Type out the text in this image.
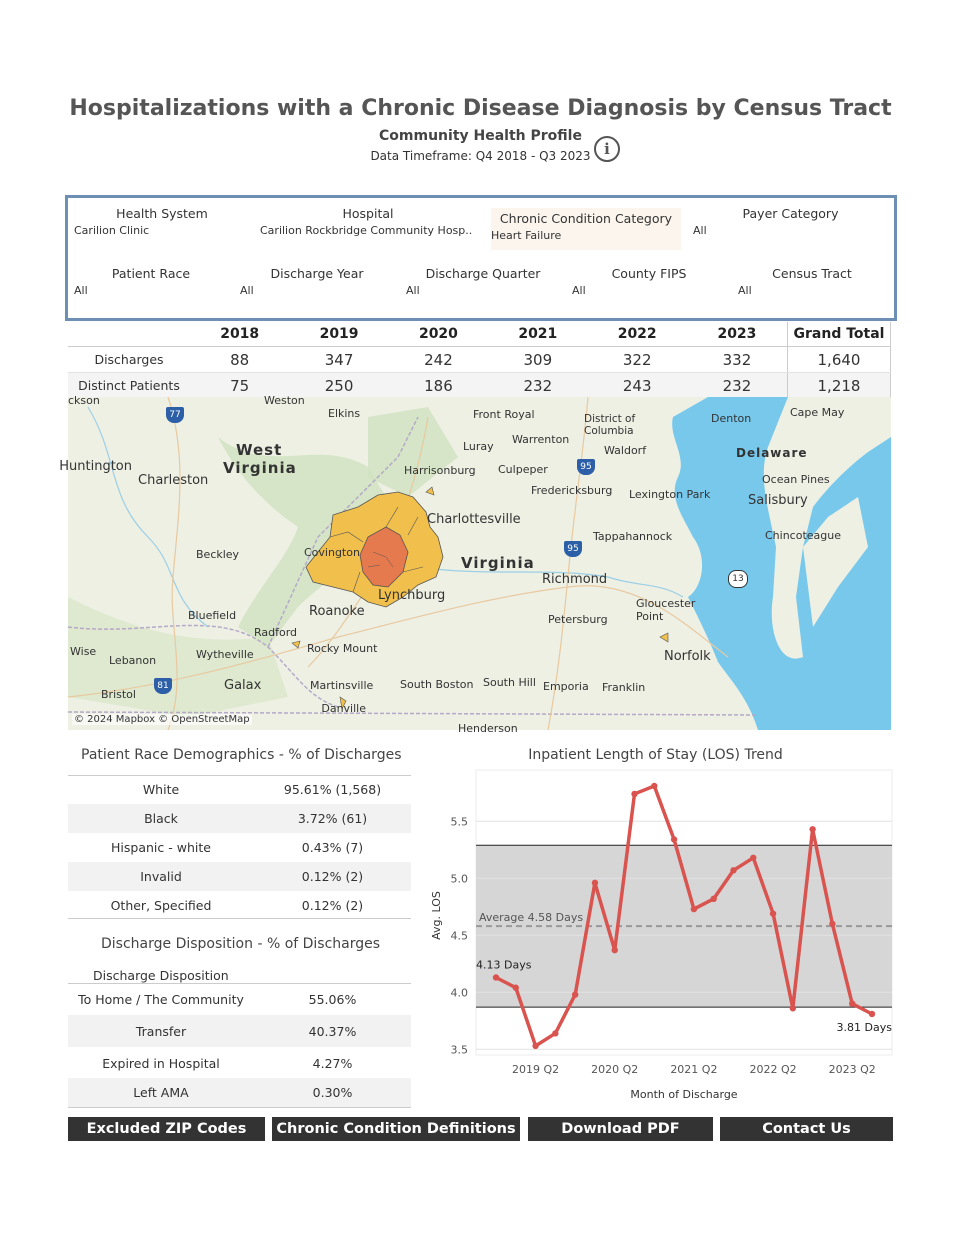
Hospitalizations with a Chronic Disease Diagnosis by Census Tract
Community Health Profile
Data Timeframe: Q4 2018 - Q3 2023 i
Health System
Carilion Clinic
Hospital
Carilion Rockbridge Community Hosp..
Chronic Condition Category
Heart Failure
Payer Category
All
Patient Race
All
Discharge Year
All
Discharge Quarter
All
County FIPS
All
Census Tract
All
	2018	2019	2020	2021	2022	2023	Grand Total
Discharges	88	347	242	309	322	332	1,640
Distinct Patients	75	250	186	232	243	232	1,218
77
95
95
81
13
West
Virginia
Virginia
Delaware
Weston
Elkins	Front Royal	District of Columbia
Denton	Cape May
Luray
Warrenton
Harrisonburg Culpeper
Waldorf
Charleston
Fredericksburg Lexington Park
Ocean Pines
Salisbury
Charlottesville
Tappahannock	Chincoteague
Beckley	Covington
Richmond
Roanoke
Lynchburg
Bluefield
Radford
Gloucester Point
Petersburg
Wise	Wytheville	Rocky Mount
Lebanon	Norfolk
Galax	Martinsville South Boston South Hill Emporia Franklin
Bristol
Danville
Henderson
Huntington
ckson
© 2024 Mapbox © OpenStreetMap
Patient Race Demographics - % of Discharges
White	95.61% (1,568)
Black	3.72% (61)
Hispanic - white	0.43% (7)
Invalid	0.12% (2)
Other, Specified	0.12% (2)
Discharge Disposition - % of Discharges
Discharge Disposition
To Home / The Community	55.06%
Transfer	40.37%
Expired in Hospital	4.27%
Left AMA	0.30%
Inpatient Length of Stay (LOS) Trend
3.5
4.0
4.5
5.0
5.5
Average 4.58 Days
4.13 Days
3.81 Days
2019 Q2	2020 Q2	2021 Q2	2022 Q2	2023 Q2
Month of Discharge
Avg. LOS
Excluded ZIP Codes	Chronic Condition Definitions	Download PDF	Contact Us
